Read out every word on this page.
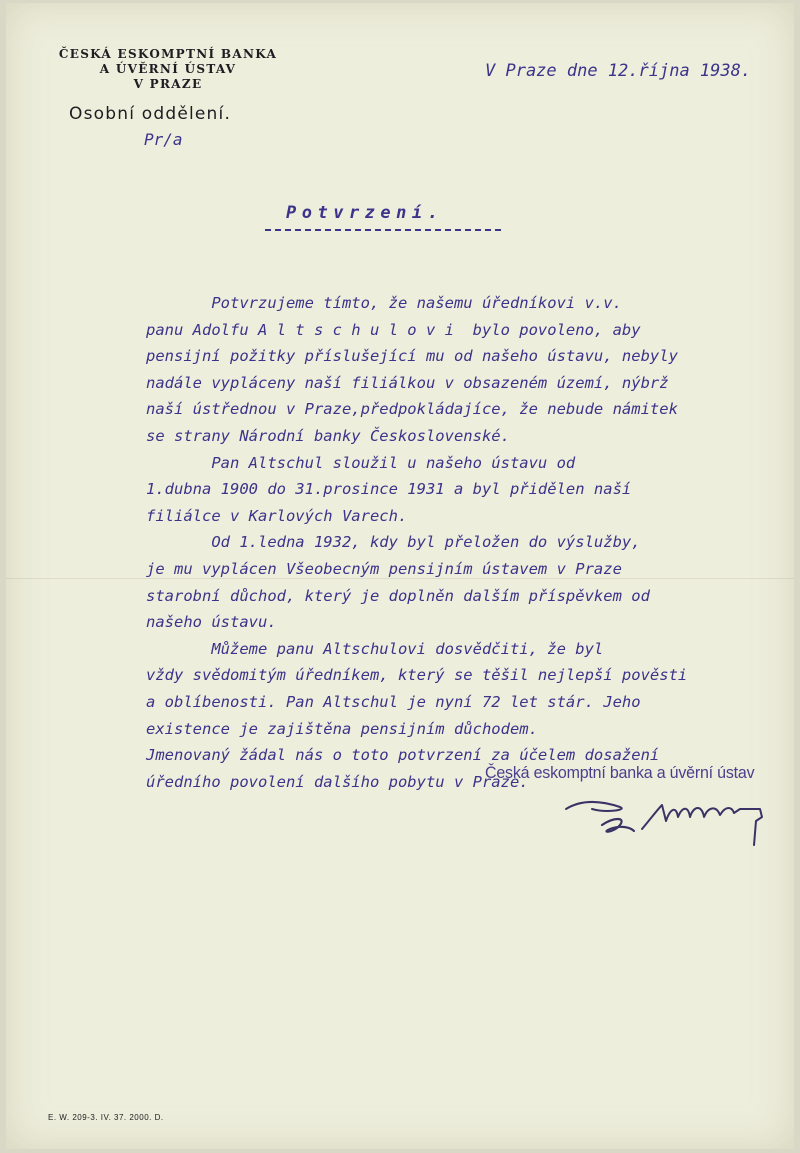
ČESKÁ ESKOMPTNÍ BANKA
A ÚVĚRNÍ ÚSTAV
V PRAZE
Osobní oddělení.
Pr/a
V Praze dne 12.října 1938.
Potvrzení.
Potvrzujeme tímto, že našemu úředníkovi v.v.
panu Adolfu A l t s c h u l o v i  bylo povoleno, aby
pensijní požitky příslušející mu od našeho ústavu, nebyly
nadále vypláceny naší filiálkou v obsazeném území, nýbrž
naší ústřednou v Praze,předpokládajíce, že nebude námitek
se strany Národní banky Československé.
Pan Altschul sloužil u našeho ústavu od
1.dubna 1900 do 31.prosince 1931 a byl přidělen naší
filiálce v Karlových Varech.
Od 1.ledna 1932, kdy byl přeložen do výslužby,
je mu vyplácen Všeobecným pensijním ústavem v Praze
starobní důchod, který je doplněn dalším příspěvkem od
našeho ústavu.
Můžeme panu Altschulovi dosvědčiti, že byl
vždy svědomitým úředníkem, který se těšil nejlepší pověsti
a oblíbenosti. Pan Altschul je nyní 72 let stár. Jeho
existence je zajištěna pensijním důchodem.
Jmenovaný žádal nás o toto potvrzení za účelem dosažení
úředního povolení dalšího pobytu v Praze.
Česká eskomptní banka a úvěrní ústav
E. W. 209-3. IV. 37. 2000. D.
